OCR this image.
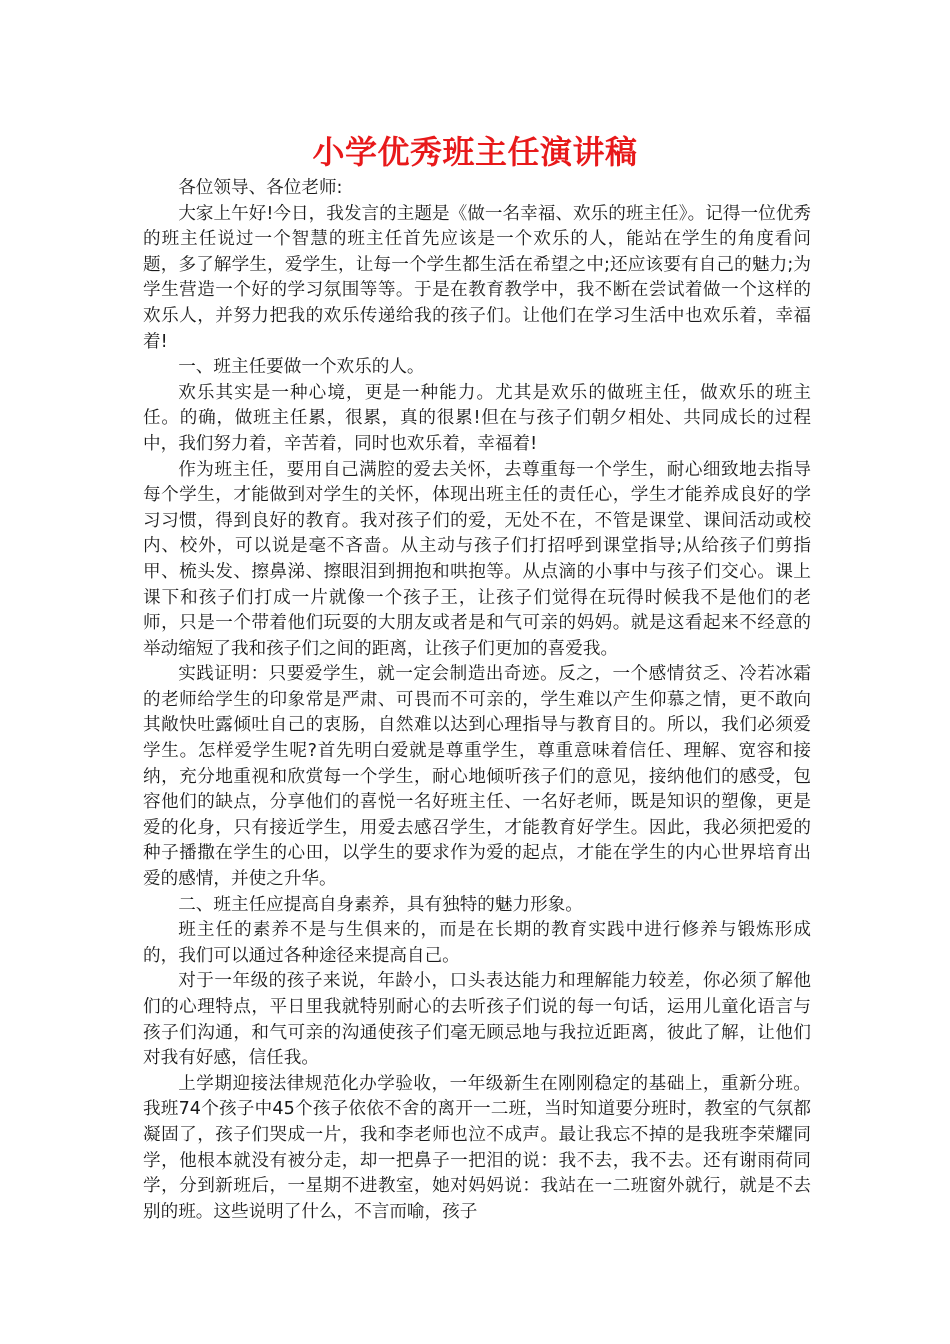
小学优秀班主任演讲稿

各位领导、各位老师:

大家上午好!今日，我发言的主题是《做一名幸福、欢乐的班主任》。记得一位优秀的班主任说过一个智慧的班主任首先应该是一个欢乐的人，能站在学生的角度看问题，多了解学生，爱学生，让每一个学生都生活在希望之中;还应该要有自己的魅力;为学生营造一个好的学习氛围等等。于是在教育教学中，我不断在尝试着做一个这样的欢乐人，并努力把我的欢乐传递给我的孩子们。让他们在学习生活中也欢乐着，幸福着!

一、班主任要做一个欢乐的人。

欢乐其实是一种心境，更是一种能力。尤其是欢乐的做班主任，做欢乐的班主任。的确，做班主任累，很累，真的很累!但在与孩子们朝夕相处、共同成长的过程中，我们努力着，辛苦着，同时也欢乐着，幸福着!

作为班主任，要用自己满腔的爱去关怀，去尊重每一个学生，耐心细致地去指导每个学生，才能做到对学生的关怀，体现出班主任的责任心，学生才能养成良好的学习习惯，得到良好的教育。我对孩子们的爱，无处不在，不管是课堂、课间活动或校内、校外，可以说是毫不吝啬。从主动与孩子们打招呼到课堂指导;从给孩子们剪指甲、梳头发、擦鼻涕、擦眼泪到拥抱和哄抱等。从点滴的小事中与孩子们交心。课上课下和孩子们打成一片就像一个孩子王，让孩子们觉得在玩得时候我不是他们的老师，只是一个带着他们玩耍的大朋友或者是和气可亲的妈妈。就是这看起来不经意的举动缩短了我和孩子们之间的距离，让孩子们更加的喜爱我。

实践证明：只要爱学生，就一定会制造出奇迹。反之，一个感情贫乏、冷若冰霜的老师给学生的印象常是严肃、可畏而不可亲的，学生难以产生仰慕之情，更不敢向其敞快吐露倾吐自己的衷肠，自然难以达到心理指导与教育目的。所以，我们必须爱学生。怎样爱学生呢?首先明白爱就是尊重学生，尊重意味着信任、理解、宽容和接纳，充分地重视和欣赏每一个学生，耐心地倾听孩子们的意见，接纳他们的感受，包容他们的缺点，分享他们的喜悦一名好班主任、一名好老师，既是知识的塑像，更是爱的化身，只有接近学生，用爱去感召学生，才能教育好学生。因此，我必须把爱的种子播撒在学生的心田，以学生的要求作为爱的起点，才能在学生的内心世界培育出爱的感情，并使之升华。

二、班主任应提高自身素养，具有独特的魅力形象。

班主任的素养不是与生俱来的，而是在长期的教育实践中进行修养与锻炼形成的，我们可以通过各种途径来提高自己。

对于一年级的孩子来说，年龄小，口头表达能力和理解能力较差，你必须了解他们的心理特点，平日里我就特别耐心的去听孩子们说的每一句话，运用儿童化语言与孩子们沟通，和气可亲的沟通使孩子们毫无顾忌地与我拉近距离，彼此了解，让他们对我有好感，信任我。

上学期迎接法律规范化办学验收，一年级新生在刚刚稳定的基础上，重新分班。我班74个孩子中45个孩子依依不舍的离开一二班，当时知道要分班时，教室的气氛都凝固了，孩子们哭成一片，我和李老师也泣不成声。最让我忘不掉的是我班李荣耀同学，他根本就没有被分走，却一把鼻子一把泪的说：我不去，我不去。还有谢雨荷同学，分到新班后，一星期不进教室，她对妈妈说：我站在一二班窗外就行，就是不去别的班。这些说明了什么，不言而喻，孩子
